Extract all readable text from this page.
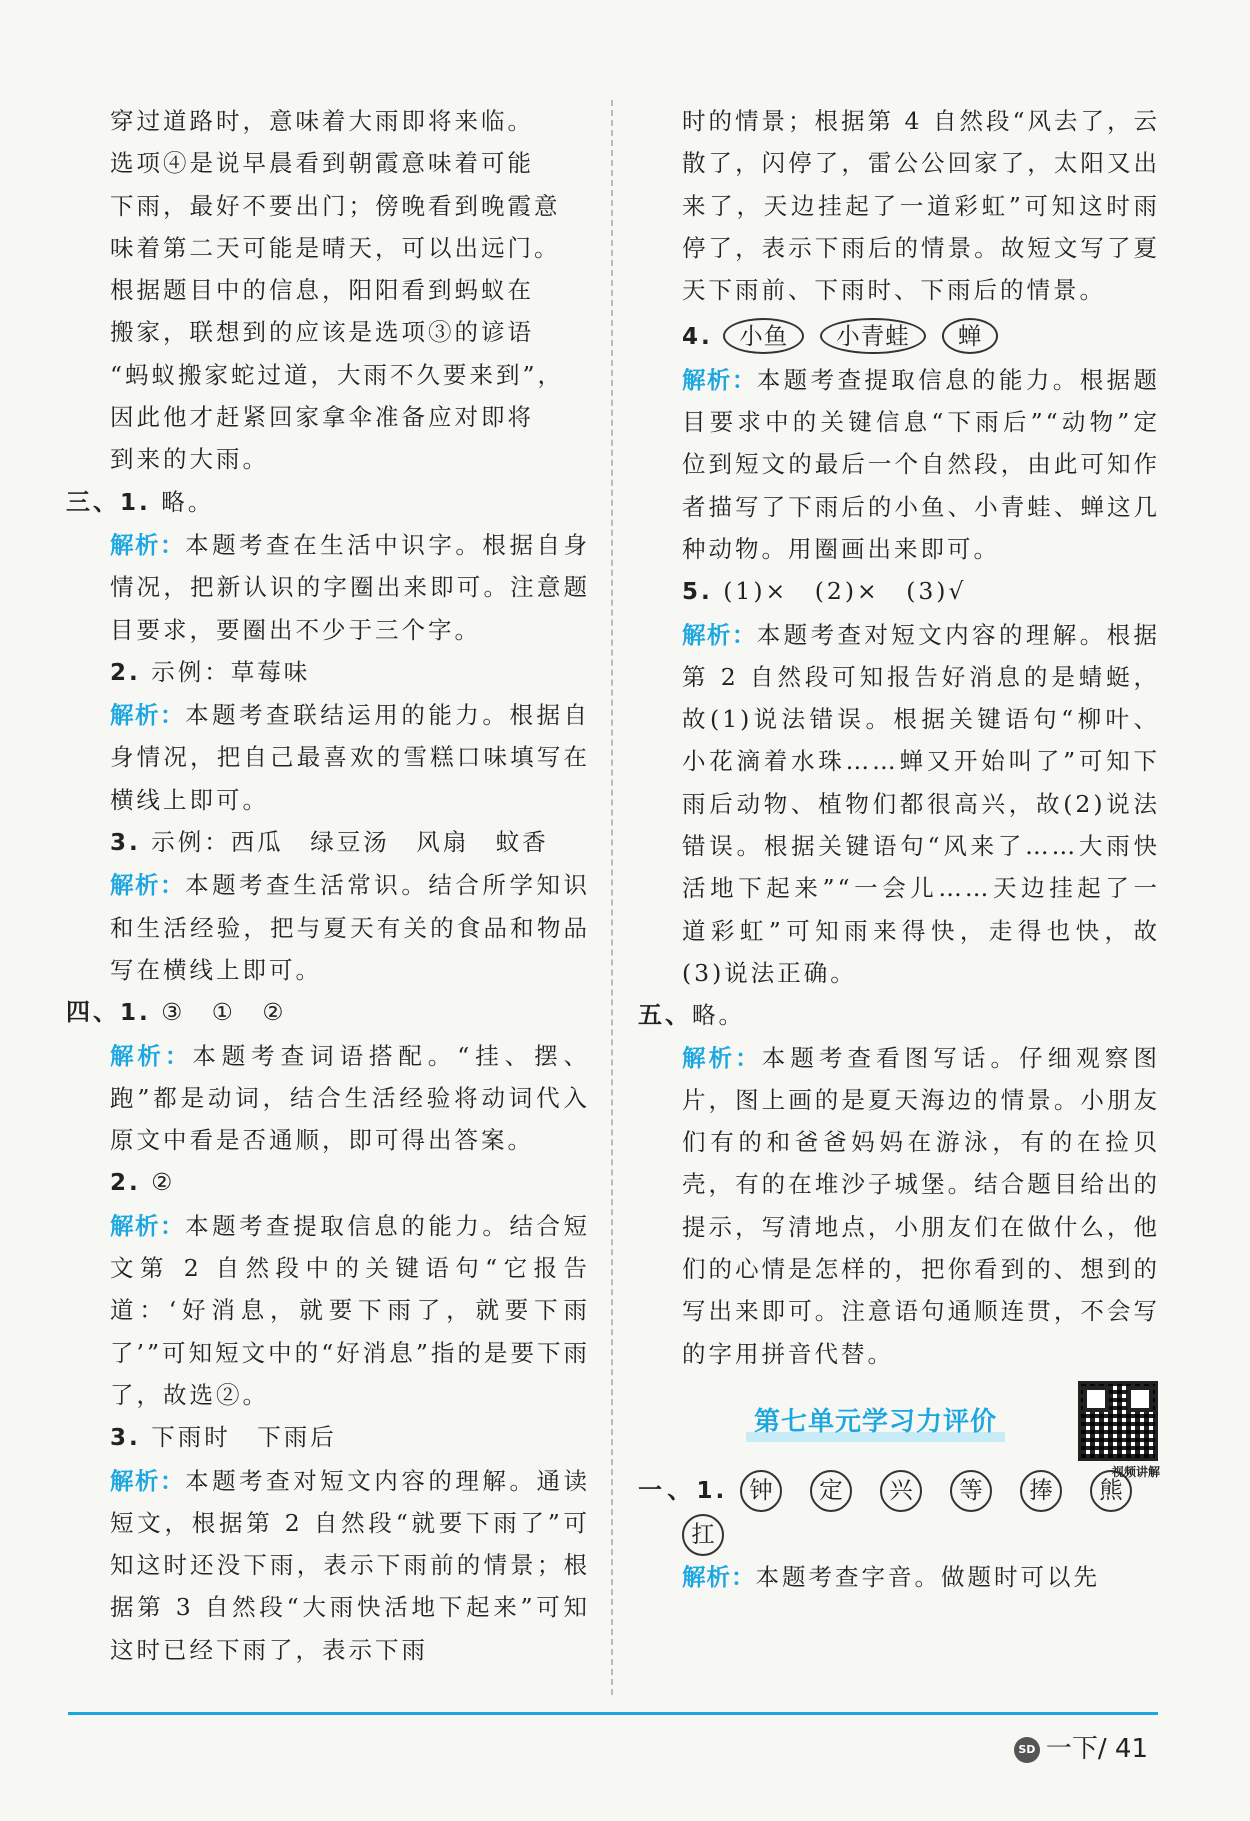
穿过道路时，意味着大雨即将来临。

选项④是说早晨看到朝霞意味着可能

下雨，最好不要出门；傍晚看到晚霞意

味着第二天可能是晴天，可以出远门。

根据题目中的信息，阳阳看到蚂蚁在

搬家，联想到的应该是选项③的谚语

“蚂蚁搬家蛇过道，大雨不久要来到”，

因此他才赶紧回家拿伞准备应对即将

到来的大雨。

三、1. 略。

解析：本题考查在生活中识字。根据自身情况，把新认识的字圈出来即可。注意题目要求，要圈出不少于三个字。

2. 示例：草莓味

解析：本题考查联结运用的能力。根据自身情况，把自己最喜欢的雪糕口味填写在横线上即可。

3. 示例：西瓜　绿豆汤　风扇　蚊香

解析：本题考查生活常识。结合所学知识和生活经验，把与夏天有关的食品和物品写在横线上即可。

四、1. ③　①　②

解析：本题考查词语搭配。“挂、摆、跑”都是动词，结合生活经验将动词代入原文中看是否通顺，即可得出答案。

2. ②

解析：本题考查提取信息的能力。结合短文第 2 自然段中的关键语句“它报告道：‘好消息，就要下雨了，就要下雨了’”可知短文中的“好消息”指的是要下雨了，故选②。

3. 下雨时　下雨后

解析：本题考查对短文内容的理解。通读短文，根据第 2 自然段“就要下雨了”可知这时还没下雨，表示下雨前的情景；根据第 3 自然段“大雨快活地下起来”可知这时已经下雨了，表示下雨

时的情景；根据第 4 自然段“风去了，云散了，闪停了，雷公公回家了，太阳又出来了，天边挂起了一道彩虹”可知这时雨停了，表示下雨后的情景。故短文写了夏天下雨前、下雨时、下雨后的情景。

4. 小鱼 小青蛙 蝉

解析：本题考查提取信息的能力。根据题目要求中的关键信息“下雨后”“动物”定位到短文的最后一个自然段，由此可知作者描写了下雨后的小鱼、小青蛙、蝉这几种动物。用圈画出来即可。

5. (1)×　(2)×　(3)√

解析：本题考查对短文内容的理解。根据第 2 自然段可知报告好消息的是蜻蜓，故(1)说法错误。根据关键语句“柳叶、小花滴着水珠……蝉又开始叫了”可知下雨后动物、植物们都很高兴，故(2)说法错误。根据关键语句“风来了……大雨快活地下起来”“一会儿……天边挂起了一道彩虹”可知雨来得快，走得也快，故(3)说法正确。

五、略。

解析：本题考查看图写话。仔细观察图片，图上画的是夏天海边的情景。小朋友们有的和爸爸妈妈在游泳，有的在捡贝壳，有的在堆沙子城堡。结合题目给出的提示，写清地点，小朋友们在做什么，他们的心情是怎样的，把你看到的、想到的写出来即可。注意语句通顺连贯，不会写的字用拼音代替。

第七单元学习力评价
视频讲解

一、1. 钟 定 兴 等 捧 熊扛

解析：本题考查字音。做题时可以先

SD 一下/ 41
